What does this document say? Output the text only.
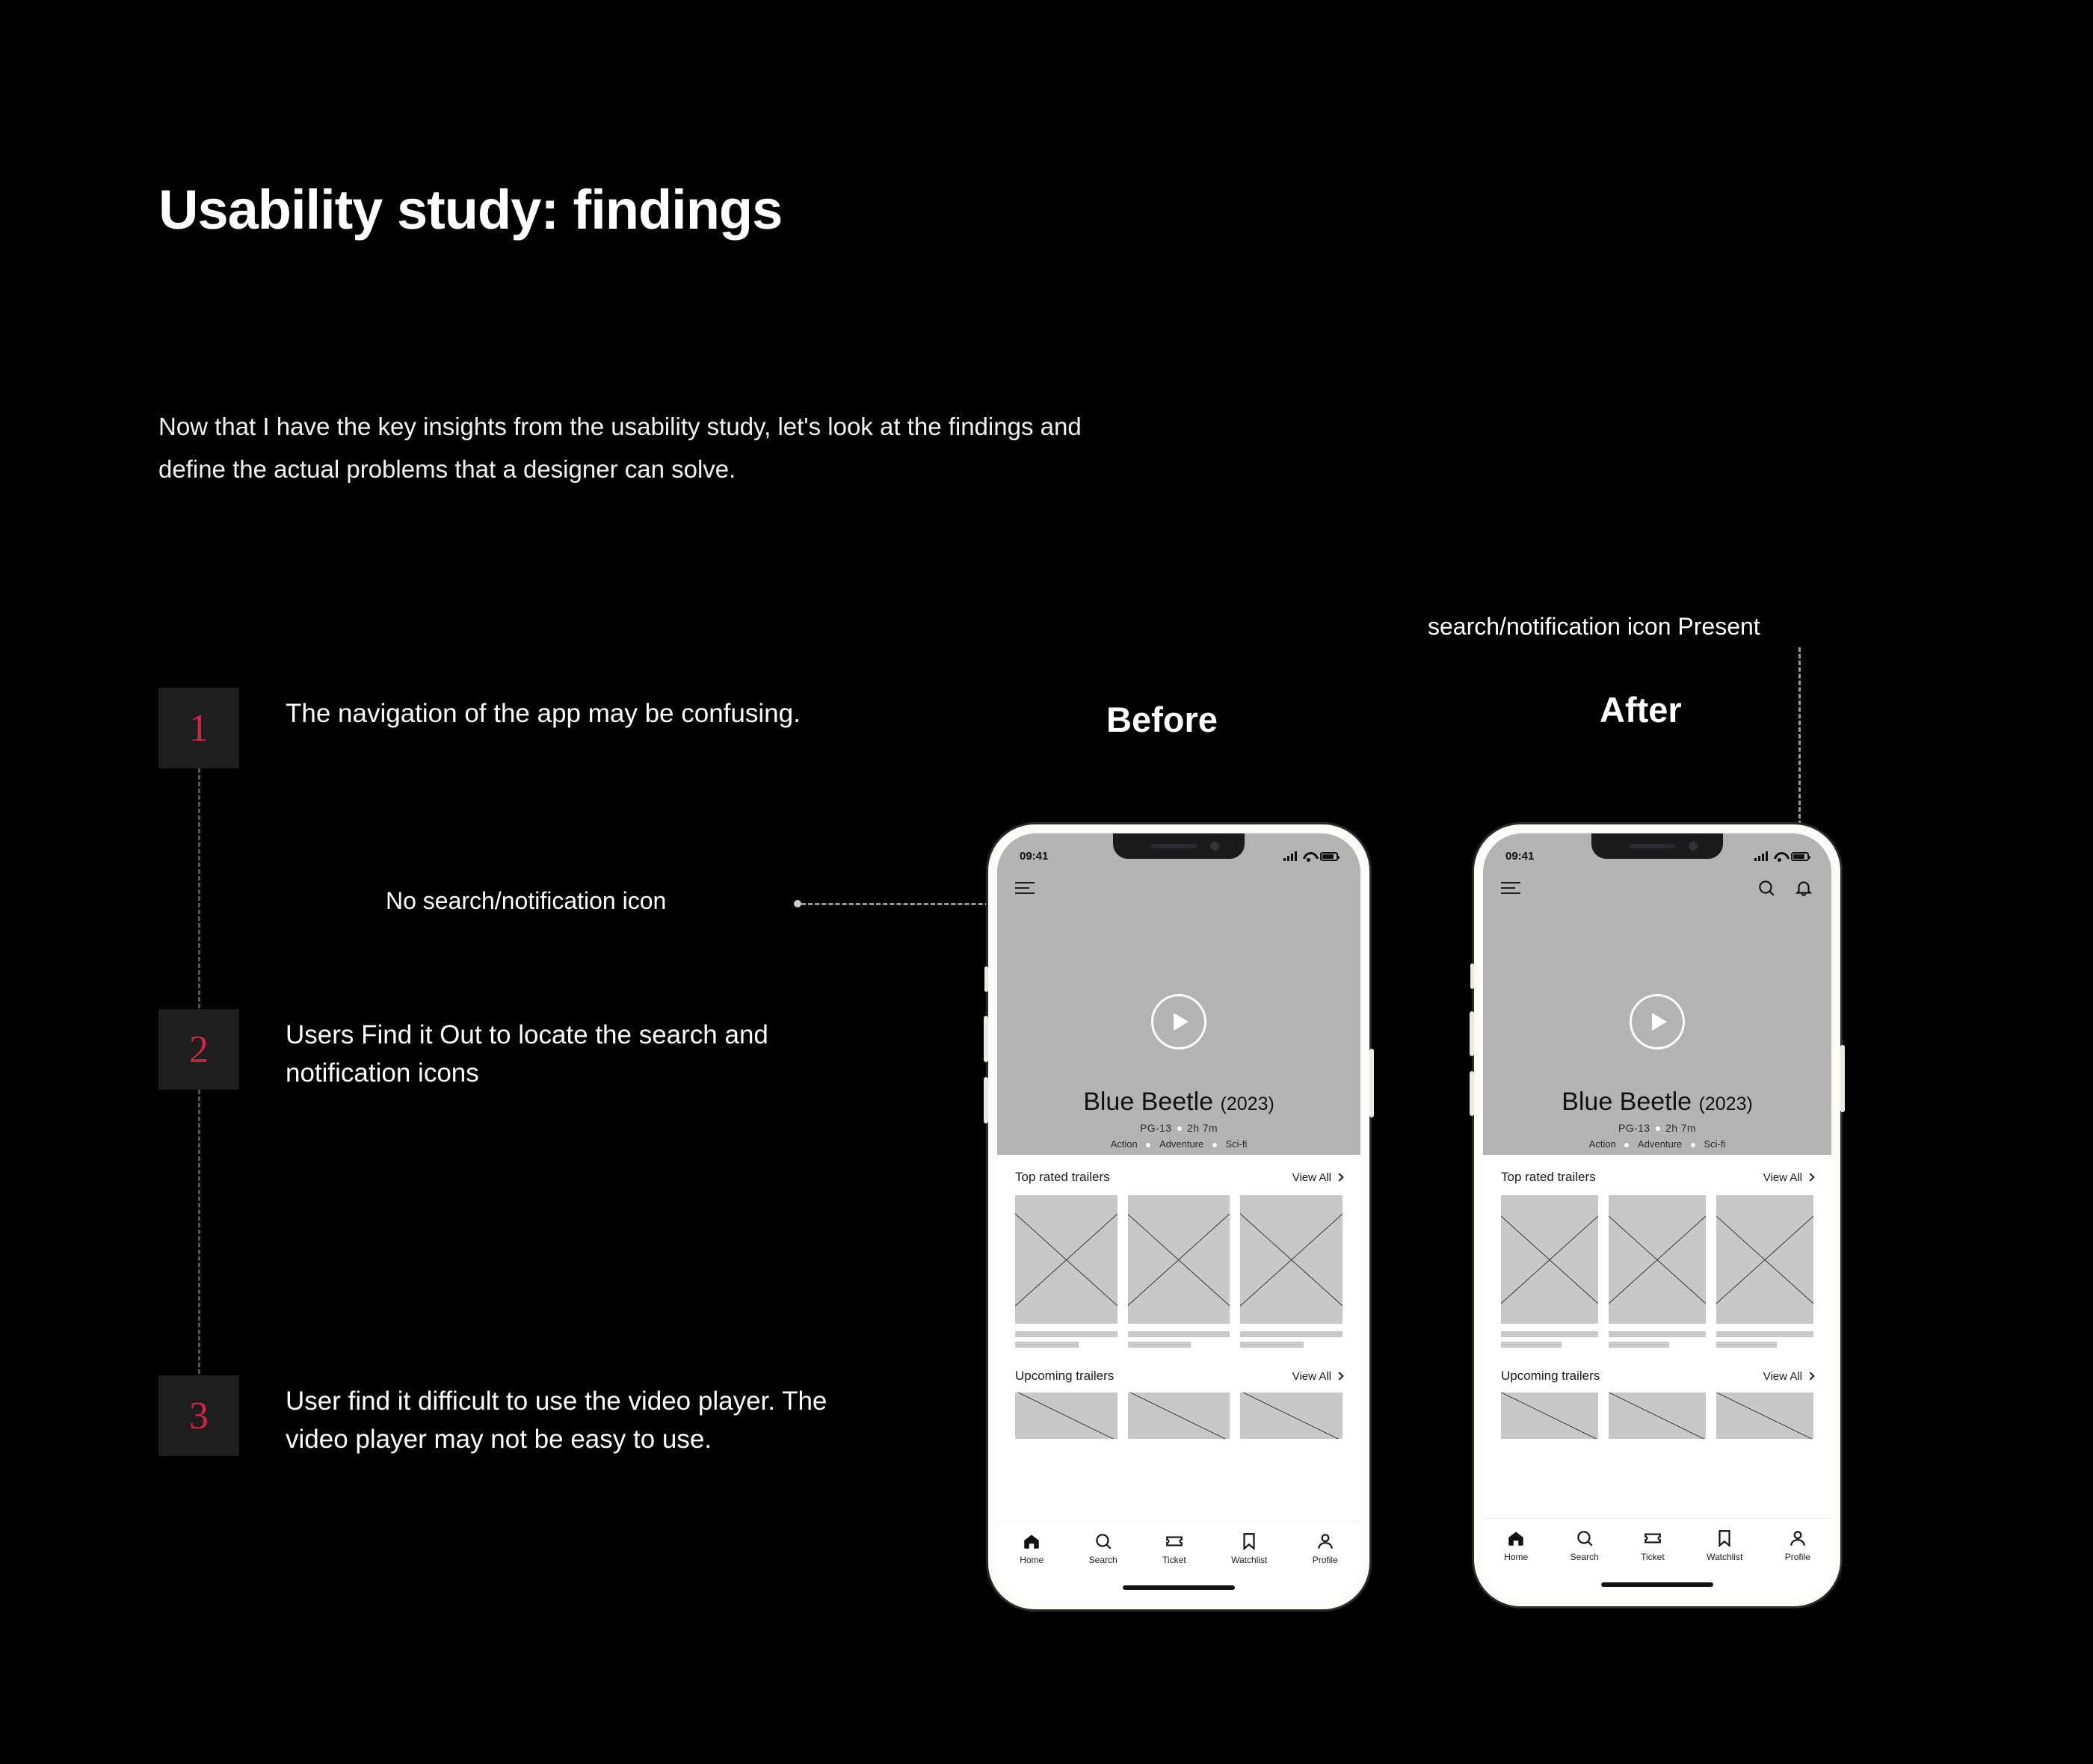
Usability study: findings
Now that I have the key insights from the usability study, let's look at the findings and define the actual problems that a designer can solve.
1	The navigation of the app may be confusing.
2	Users Find it Out to locate the search and notification icons
3	User find it difficult to use the video player. The video player may not be easy to use.
Before	After
No search/notification icon
search/notification icon Present
09:41
Blue Beetle (2023)
PG-13 2h 7m
Action Adventure Sci-fi
Top rated trailers	View All
Upcoming trailers	View All
Home	Search	Ticket	Watchlist	Profile
09:41
Blue Beetle (2023)
PG-13 2h 7m
Action Adventure Sci-fi
Top rated trailers	View All
Upcoming trailers	View All
Home	Search	Ticket	Watchlist	Profile
